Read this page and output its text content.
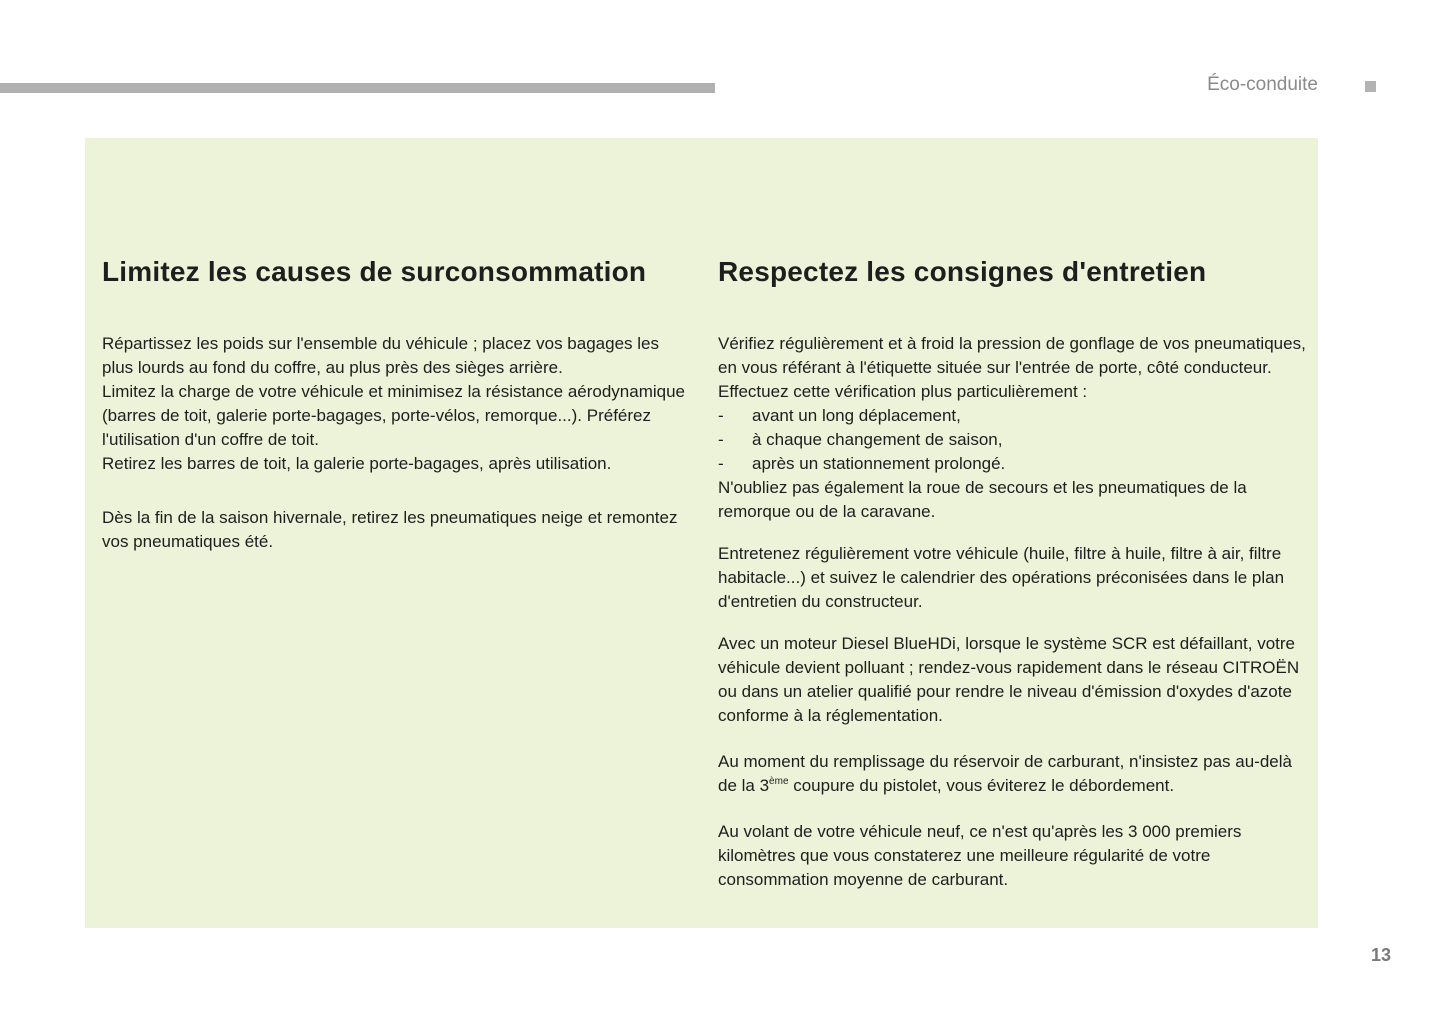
Éco-conduite
Limitez les causes de surconsommation

Répartissez les poids sur l'ensemble du véhicule ; placez vos bagages les plus lourds au fond du coffre, au plus près des sièges arrière.
Limitez la charge de votre véhicule et minimisez la résistance aérodynamique (barres de toit, galerie porte-bagages, porte-vélos, remorque...). Préférez l'utilisation d'un coffre de toit.
Retirez les barres de toit, la galerie porte-bagages, après utilisation.

Dès la fin de la saison hivernale, retirez les pneumatiques neige et remontez vos pneumatiques été.

Respectez les consignes d'entretien

Vérifiez régulièrement et à froid la pression de gonflage de vos pneumatiques, en vous référant à l'étiquette située sur l'entrée de porte, côté conducteur.

Effectuez cette vérification plus particulièrement :

-	avant un long déplacement,

-	à chaque changement de saison,

-	après un stationnement prolongé.

N'oubliez pas également la roue de secours et les pneumatiques de la remorque ou de la caravane.

Entretenez régulièrement votre véhicule (huile, filtre à huile, filtre à air, filtre habitacle...) et suivez le calendrier des opérations préconisées dans le plan d'entretien du constructeur.

Avec un moteur Diesel BlueHDi, lorsque le système SCR est défaillant, votre véhicule devient polluant ; rendez-vous rapidement dans le réseau CITROËN ou dans un atelier qualifié pour rendre le niveau d'émission d'oxydes d'azote conforme à la réglementation.

Au moment du remplissage du réservoir de carburant, n'insistez pas au-delà de la 3ème coupure du pistolet, vous éviterez le débordement.

Au volant de votre véhicule neuf, ce n'est qu'après les 3 000 premiers kilomètres que vous constaterez une meilleure régularité de votre consommation moyenne de carburant.

13
